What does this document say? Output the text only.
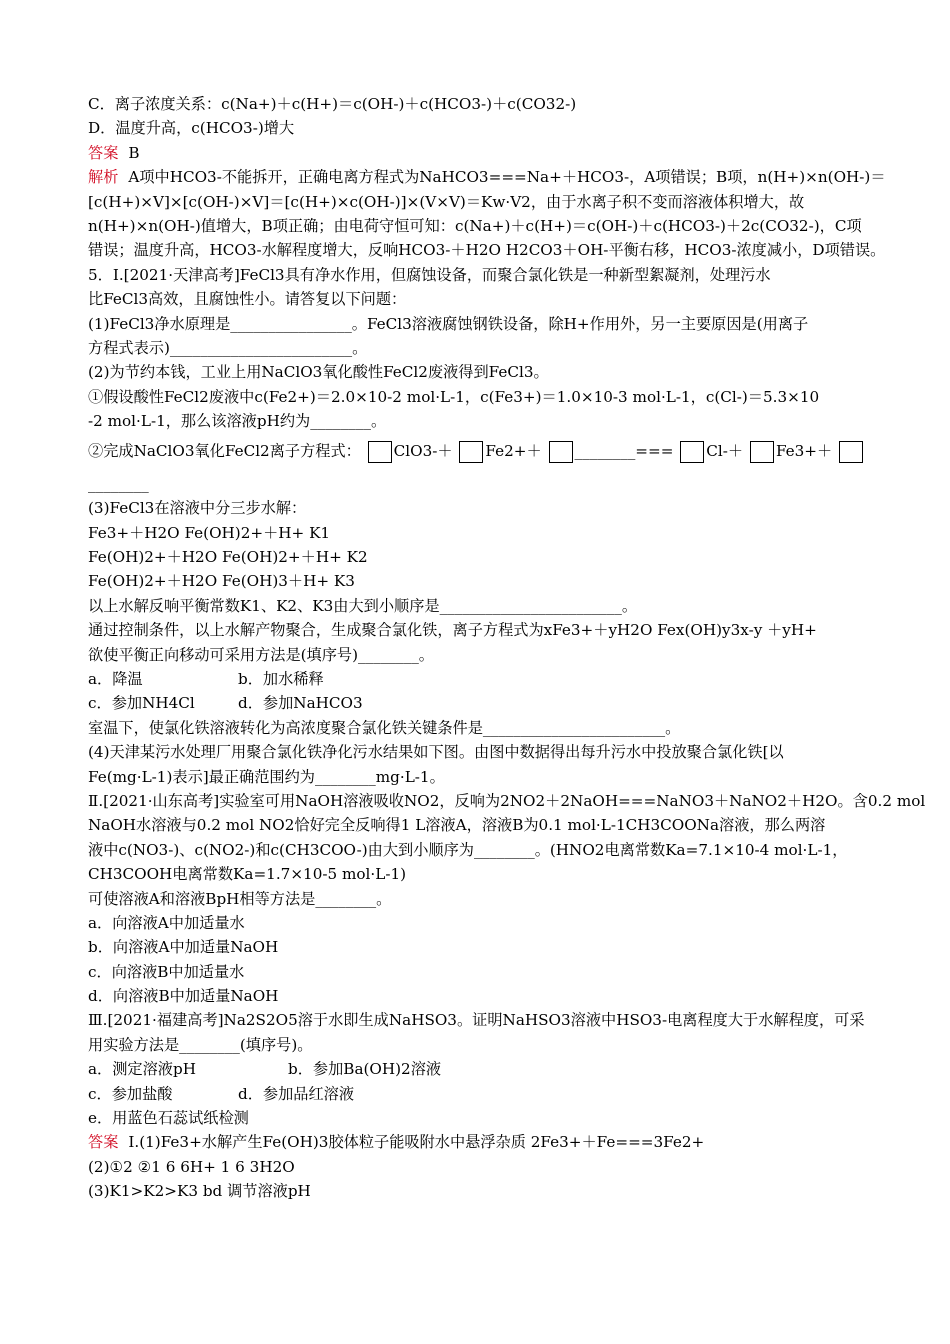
C．离子浓度关系：c(Na+)＋c(H+)＝c(OH-)＋c(HCO3-)＋c(CO32-)
D．温度升高，c(HCO3-)增大
答案 B
解析 A项中HCO3-不能拆开，正确电离方程式为NaHCO3===Na+＋HCO3-，A项错误；B项，n(H+)×n(OH-)＝
[c(H+)×V]×[c(OH-)×V]＝[c(H+)×c(OH-)]×(V×V)＝Kw·V2，由于水离子积不变而溶液体积增大，故
n(H+)×n(OH-)值增大，B项正确；由电荷守恒可知：c(Na+)＋c(H+)＝c(OH-)＋c(HCO3-)＋2c(CO32-)，C项
错误；温度升高，HCO3-水解程度增大，反响HCO3-＋H2O H2CO3＋OH-平衡右移，HCO3-浓度减小，D项错误。
5．Ⅰ.[2021·天津高考]FeCl3具有净水作用，但腐蚀设备，而聚合氯化铁是一种新型絮凝剂，处理污水
比FeCl3高效，且腐蚀性小。请答复以下问题：
(1)FeCl3净水原理是________________。FeCl3溶液腐蚀钢铁设备，除H+作用外，另一主要原因是(用离子
方程式表示)________________________。
(2)为节约本钱，工业上用NaClO3氧化酸性FeCl2废液得到FeCl3。
①假设酸性FeCl2废液中c(Fe2+)＝2.0×10-2 mol·L-1，c(Fe3+)＝1.0×10-3 mol·L-1，c(Cl-)＝5.3×10
-2 mol·L-1，那么该溶液pH约为________。
②完成NaClO3氧化FeCl2离子方程式： ClO3-＋ Fe2+＋ ________=== Cl-＋ Fe3+＋
________
(3)FeCl3在溶液中分三步水解：
Fe3+＋H2O Fe(OH)2+＋H+ K1
Fe(OH)2+＋H2O Fe(OH)2+＋H+ K2
Fe(OH)2+＋H2O Fe(OH)3＋H+ K3
以上水解反响平衡常数K1、K2、K3由大到小顺序是________________________。
通过控制条件，以上水解产物聚合，生成聚合氯化铁，离子方程式为xFe3+＋yH2O Fex(OH)y3x-y ＋yH+
欲使平衡正向移动可采用方法是(填序号)________。
a．降温	b．加水稀释
c．参加NH4Cl	d．参加NaHCO3
室温下，使氯化铁溶液转化为高浓度聚合氯化铁关键条件是________________________。
(4)天津某污水处理厂用聚合氯化铁净化污水结果如下图。由图中数据得出每升污水中投放聚合氯化铁[以
Fe(mg·L-1)表示]最正确范围约为________mg·L-1。
Ⅱ.[2021·山东高考]实验室可用NaOH溶液吸收NO2，反响为2NO2＋2NaOH===NaNO3＋NaNO2＋H2O。含0.2 mol
NaOH水溶液与0.2 mol NO2恰好完全反响得1 L溶液A，溶液B为0.1 mol·L-1CH3COONa溶液，那么两溶
液中c(NO3-)、c(NO2-)和c(CH3COO-)由大到小顺序为________。(HNO2电离常数Ka=7.1×10-4 mol·L-1，
CH3COOH电离常数Ka=1.7×10-5 mol·L-1)
可使溶液A和溶液BpH相等方法是________。
a．向溶液A中加适量水
b．向溶液A中加适量NaOH
c．向溶液B中加适量水
d．向溶液B中加适量NaOH
Ⅲ.[2021·福建高考]Na2S2O5溶于水即生成NaHSO3。证明NaHSO3溶液中HSO3-电离程度大于水解程度，可采
用实验方法是________(填序号)。
a．测定溶液pH	b．参加Ba(OH)2溶液
c．参加盐酸	d．参加品红溶液
e．用蓝色石蕊试纸检测
答案 Ⅰ.(1)Fe3+水解产生Fe(OH)3胶体粒子能吸附水中悬浮杂质 2Fe3+＋Fe===3Fe2+
(2)①2 ②1 6 6H+ 1 6 3H2O
(3)K1>K2>K3 bd 调节溶液pH
